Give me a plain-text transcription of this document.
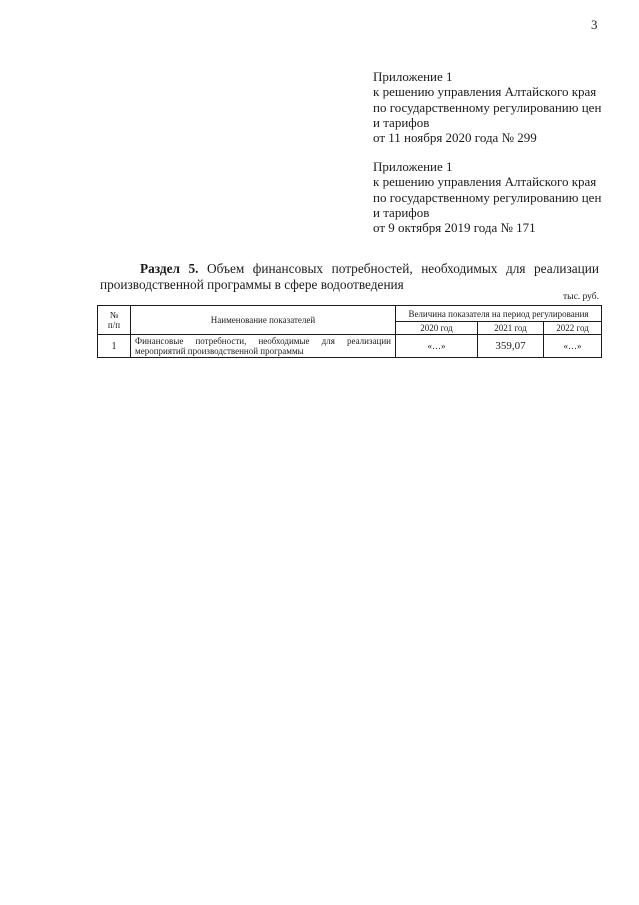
3
Приложение 1
к решению управления Алтайского края
по государственному регулированию цен
и тарифов
от 11 ноября 2020 года № 299
Приложение 1
к решению управления Алтайского края
по государственному регулированию цен
и тарифов
от 9 октября 2019 года № 171

Раздел 5. Объем финансовых потребностей, необходимых для реализации производственной программы в сфере водоотведения

тыс. руб.
№
п/п	Наименование показателей	Величина показателя на период регулирования		
		2020 год	2021 год	2022 год
1	Финансовые потребности, необходимые для реализации мероприятий производственной программы	«…»	359,07	«…»
